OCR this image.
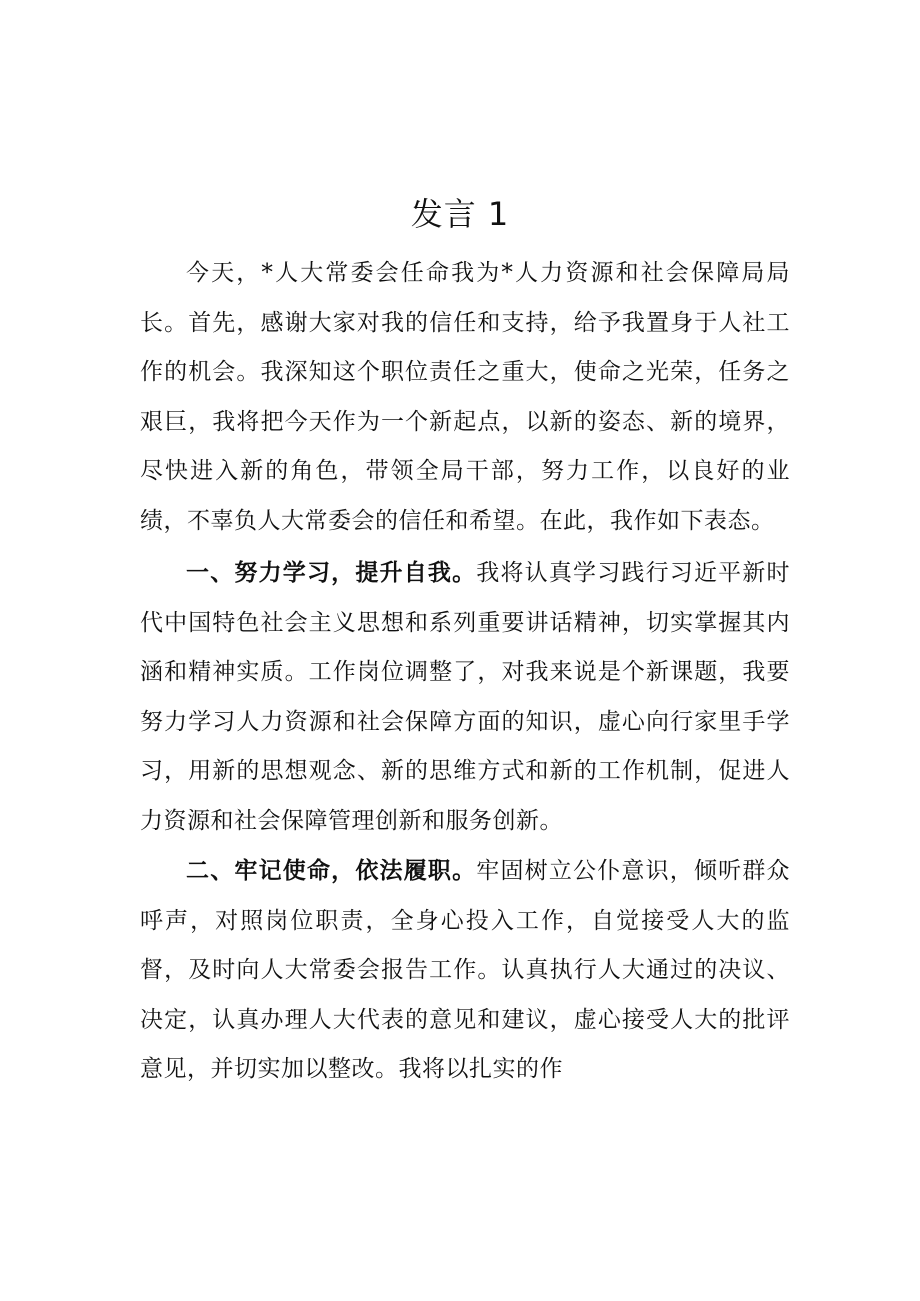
发言 1

今天，*人大常委会任命我为*人力资源和社会保障局局长。首先，感谢大家对我的信任和支持，给予我置身于人社工作的机会。我深知这个职位责任之重大，使命之光荣，任务之艰巨，我将把今天作为一个新起点，以新的姿态、新的境界，尽快进入新的角色，带领全局干部，努力工作，以良好的业绩，不辜负人大常委会的信任和希望。在此，我作如下表态。

一、努力学习，提升自我。我将认真学习践行习近平新时代中国特色社会主义思想和系列重要讲话精神，切实掌握其内涵和精神实质。工作岗位调整了，对我来说是个新课题，我要努力学习人力资源和社会保障方面的知识，虚心向行家里手学习，用新的思想观念、新的思维方式和新的工作机制，促进人力资源和社会保障管理创新和服务创新。

二、牢记使命，依法履职。牢固树立公仆意识，倾听群众呼声，对照岗位职责，全身心投入工作，自觉接受人大的监督，及时向人大常委会报告工作。认真执行人大通过的决议、决定，认真办理人大代表的意见和建议，虚心接受人大的批评意见，并切实加以整改。我将以扎实的作
